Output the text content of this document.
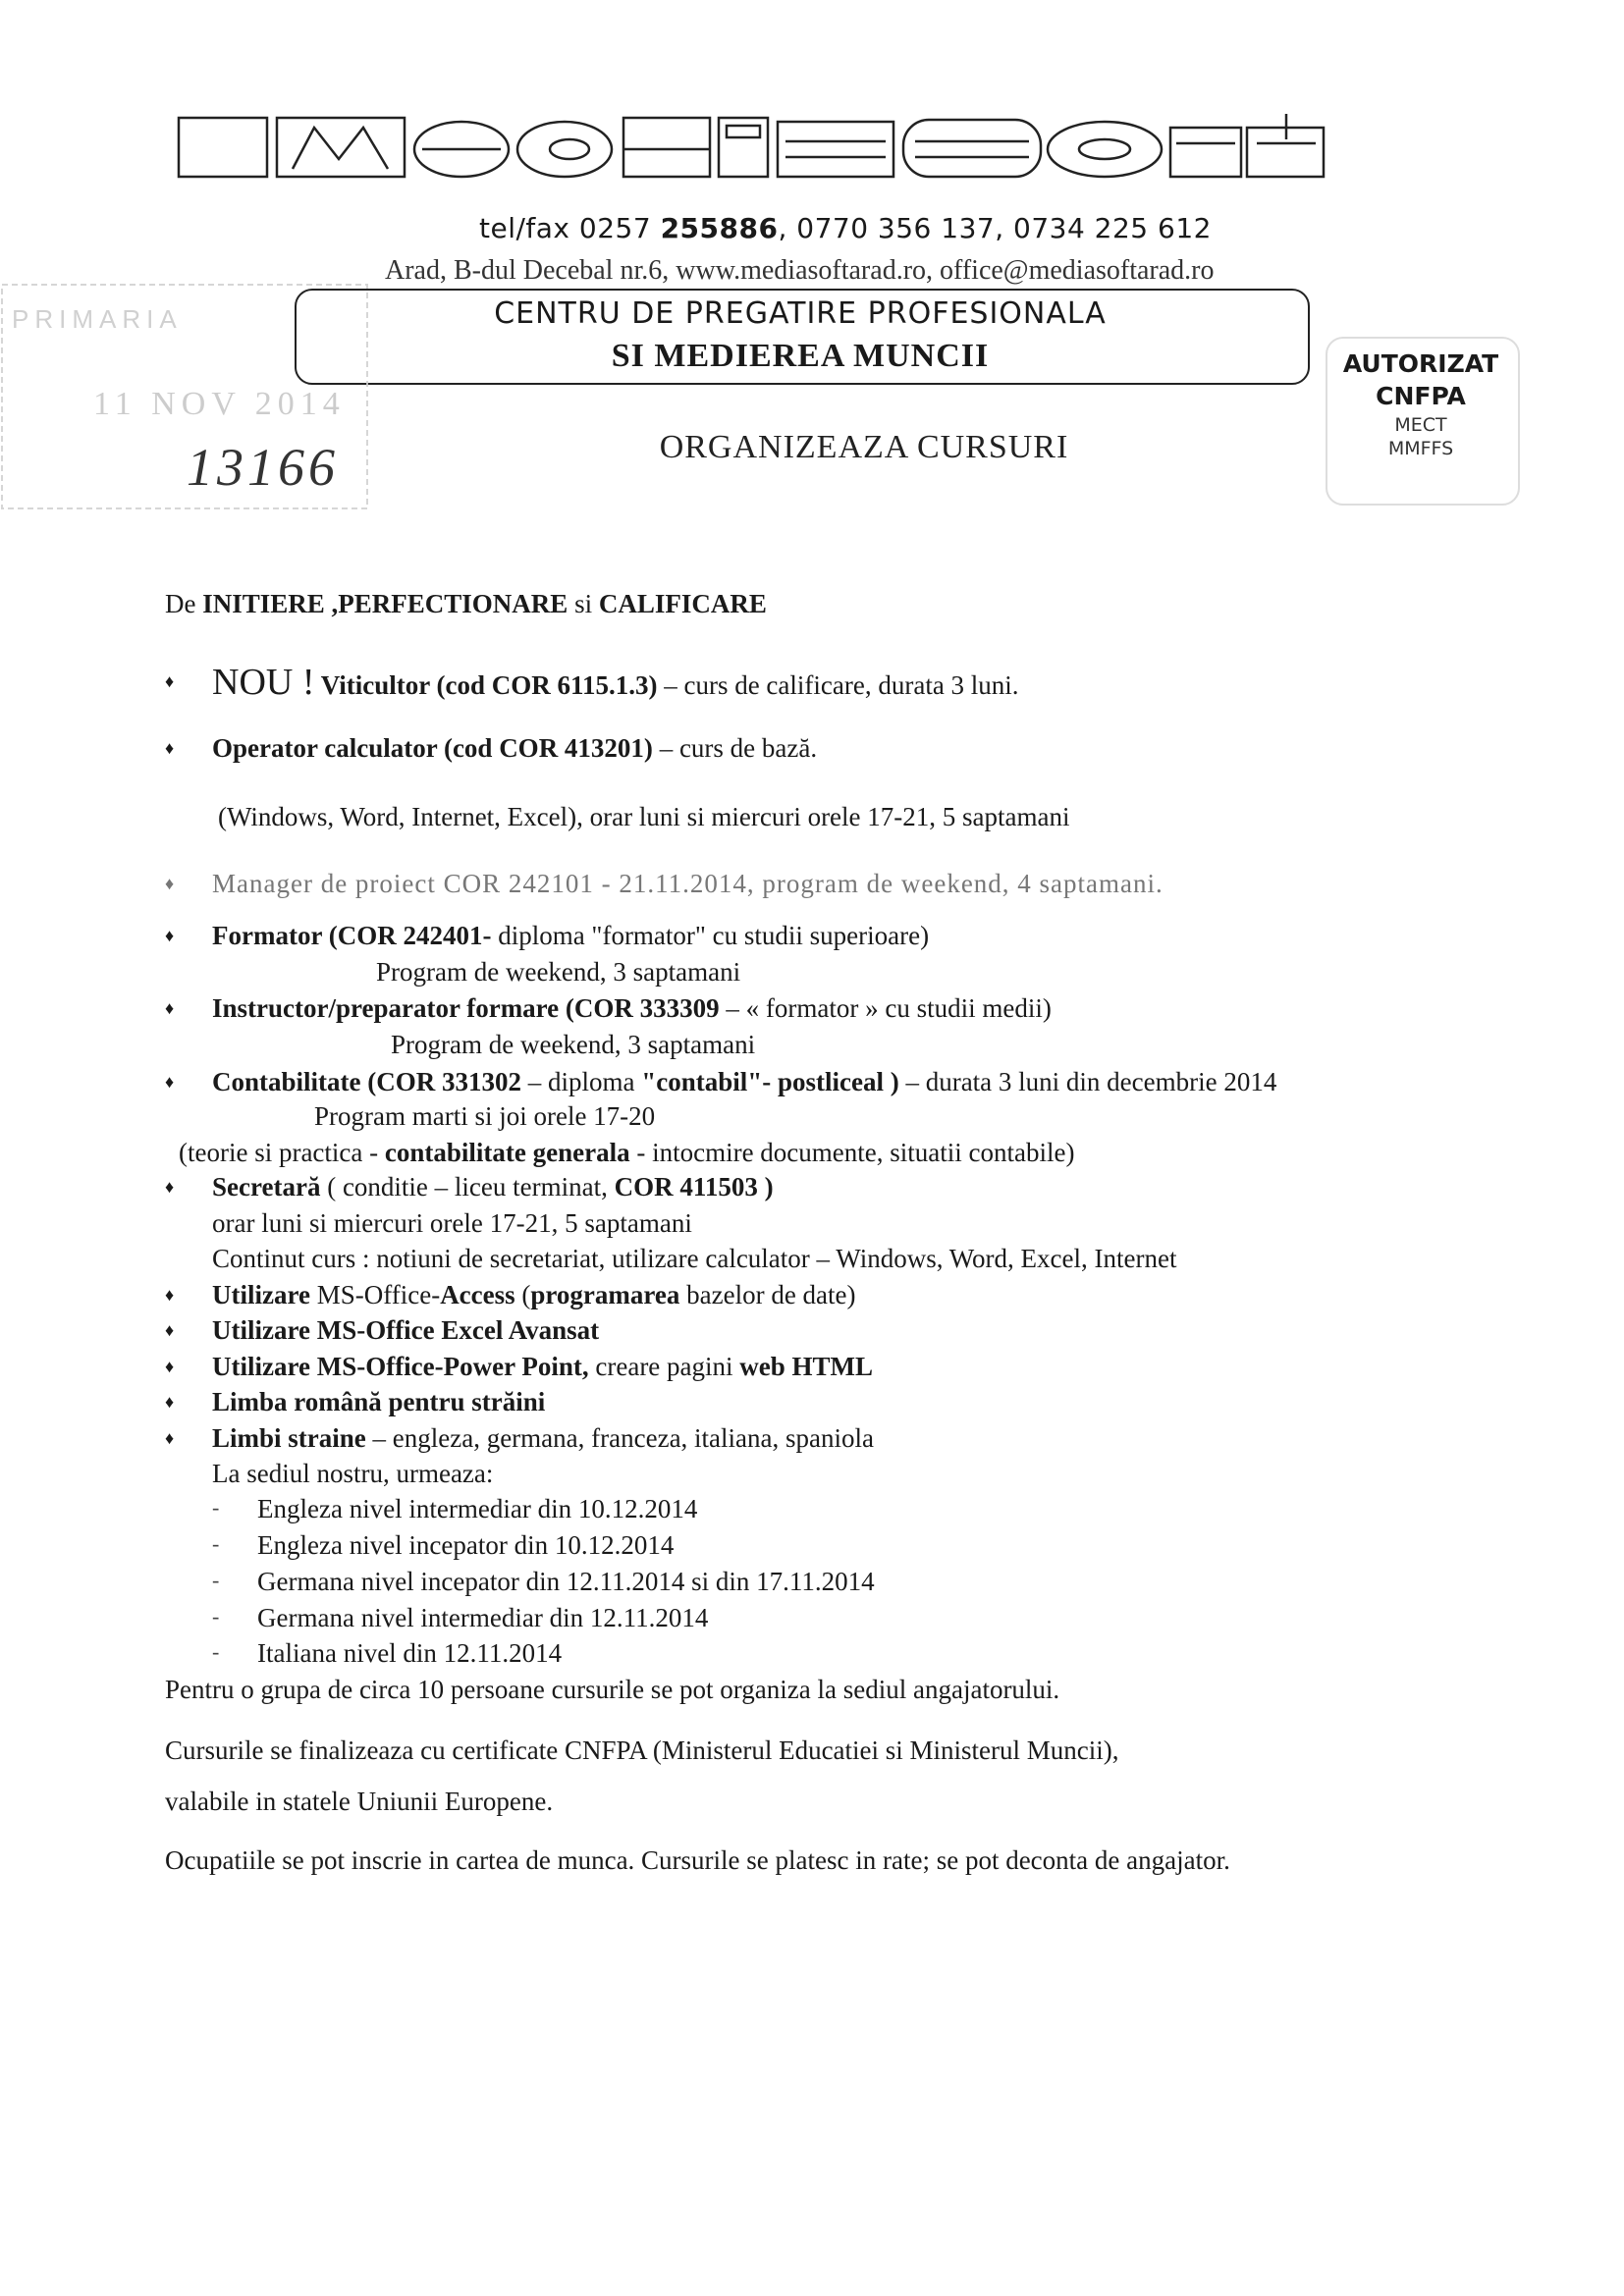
tel/fax 0257 255886, 0770 356 137, 0734 225 612
Arad, B-dul Decebal nr.6, www.mediasoftarad.ro, office@mediasoftarad.ro
CENTRU DE PREGATIRE PROFESIONALA
SI MEDIEREA MUNCII	AUTORIZAT
CNFPA
MECT
MMFFS
PRIMARIA
11 NOV 2014
13166	ORGANIZEAZA CURSURI
De INITIERE ,PERFECTIONARE si CALIFICARE
♦ NOU ! Viticultor (cod COR 6115.1.3) – curs de calificare, durata 3 luni.
♦ Operator calculator (cod COR 413201) – curs de bază.
(Windows, Word, Internet, Excel), orar luni si miercuri orele 17-21, 5 saptamani
♦ Manager de proiect COR 242101 - 21.11.2014, program de weekend, 4 saptamani.
♦ Formator (COR 242401- diploma "formator" cu studii superioare)
Program de weekend, 3 saptamani
♦ Instructor/preparator formare (COR 333309 – « formator » cu studii medii)
Program de weekend, 3 saptamani
♦ Contabilitate (COR 331302 – diploma "contabil"- postliceal ) – durata 3 luni din decembrie 2014
Program marti si joi orele 17-20
(teorie si practica - contabilitate generala - intocmire documente, situatii contabile)
♦ Secretară ( conditie – liceu terminat, COR 411503 )
orar luni si miercuri orele 17-21, 5 saptamani
Continut curs : notiuni de secretariat, utilizare calculator – Windows, Word, Excel, Internet
♦ Utilizare MS-Office-Access (programarea bazelor de date)
♦ Utilizare MS-Office Excel Avansat
♦ Utilizare MS-Office-Power Point, creare pagini web HTML
♦ Limba română pentru străini
♦ Limbi straine – engleza, germana, franceza, italiana, spaniola
La sediul nostru, urmeaza:
- Engleza nivel intermediar din 10.12.2014
- Engleza nivel incepator din 10.12.2014
- Germana nivel incepator din 12.11.2014 si din 17.11.2014
- Germana nivel intermediar din 12.11.2014
- Italiana nivel din 12.11.2014
Pentru o grupa de circa 10 persoane cursurile se pot organiza la sediul angajatorului.
Cursurile se finalizeaza cu certificate CNFPA (Ministerul Educatiei si Ministerul Muncii),
valabile in statele Uniunii Europene.
Ocupatiile se pot inscrie in cartea de munca. Cursurile se platesc in rate; se pot deconta de angajator.
